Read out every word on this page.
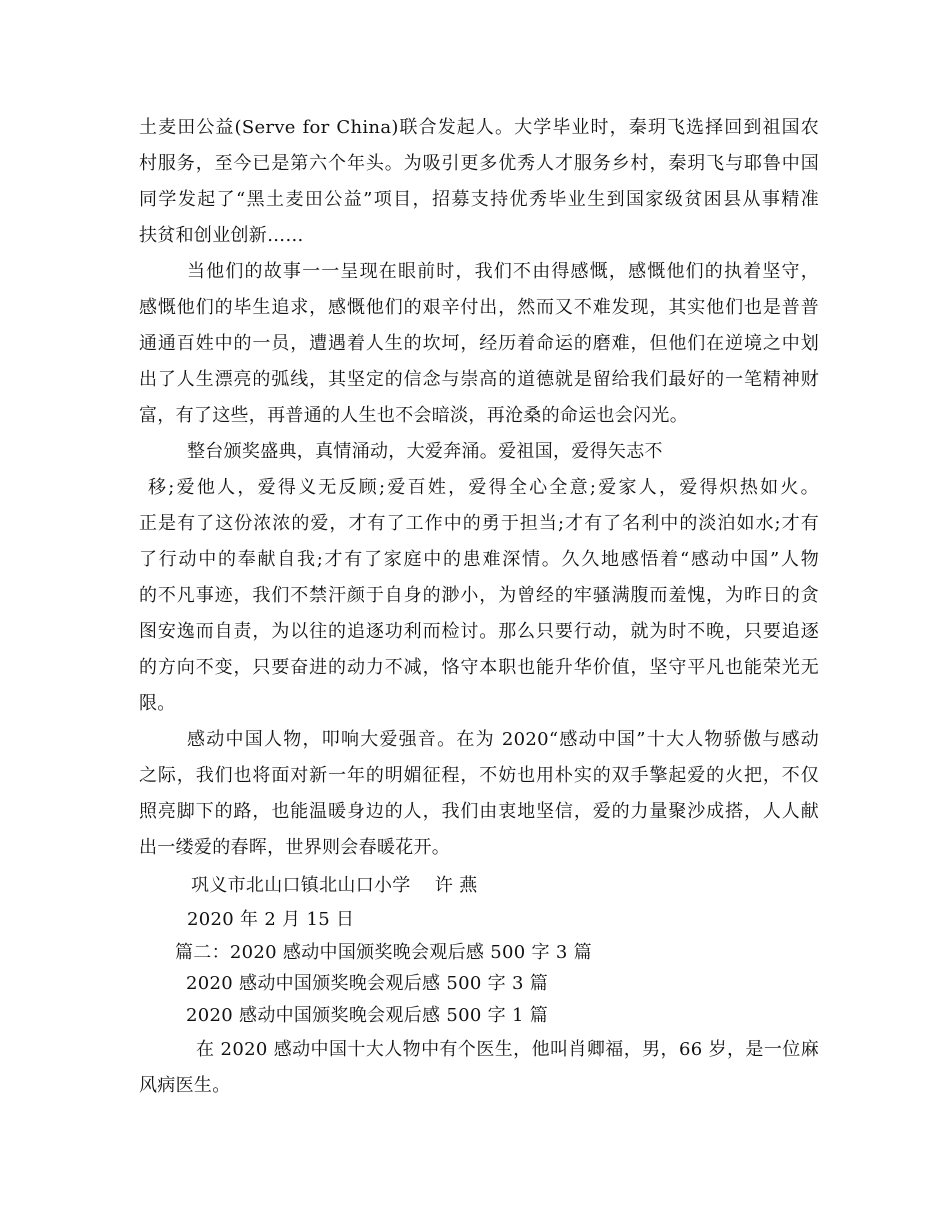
土麦田公益(Serve for China)联合发起人。大学毕业时，秦玥飞选择回到祖国农
村服务，至今已是第六个年头。为吸引更多优秀人才服务乡村，秦玥飞与耶鲁中国
同学发起了“黑土麦田公益”项目，招募支持优秀毕业生到国家级贫困县从事精准
扶贫和创业创新……
当他们的故事一一呈现在眼前时，我们不由得感慨，感慨他们的执着坚守，
感慨他们的毕生追求，感慨他们的艰辛付出，然而又不难发现，其实他们也是普普
通通百姓中的一员，遭遇着人生的坎坷，经历着命运的磨难，但他们在逆境之中划
出了人生漂亮的弧线，其坚定的信念与崇高的道德就是留给我们最好的一笔精神财
富，有了这些，再普通的人生也不会暗淡，再沧桑的命运也会闪光。
整台颁奖盛典，真情涌动，大爱奔涌。爱祖国，爱得矢志不
移;爱他人，爱得义无反顾;爱百姓，爱得全心全意;爱家人，爱得炽热如火。
正是有了这份浓浓的爱，才有了工作中的勇于担当;才有了名利中的淡泊如水;才有
了行动中的奉献自我;才有了家庭中的患难深情。久久地感悟着“感动中国”人物
的不凡事迹，我们不禁汗颜于自身的渺小，为曾经的牢骚满腹而羞愧，为昨日的贪
图安逸而自责，为以往的追逐功利而检讨。那么只要行动，就为时不晚，只要追逐
的方向不变，只要奋进的动力不减，恪守本职也能升华价值，坚守平凡也能荣光无
限。
感动中国人物，叩响大爱强音。在为 2020“感动中国”十大人物骄傲与感动
之际，我们也将面对新一年的明媚征程，不妨也用朴实的双手擎起爱的火把，不仅
照亮脚下的路，也能温暖身边的人，我们由衷地坚信，爱的力量聚沙成搭，人人献
出一缕爱的春晖，世界则会春暖花开。
巩义市北山口镇北山口小学　 许 燕
2020 年 2 月 15 日
篇二：2020 感动中国颁奖晚会观后感 500 字 3 篇
2020 感动中国颁奖晚会观后感 500 字 3 篇
2020 感动中国颁奖晚会观后感 500 字 1 篇
在 2020 感动中国十大人物中有个医生，他叫肖卿福，男，66 岁，是一位麻
风病医生。
